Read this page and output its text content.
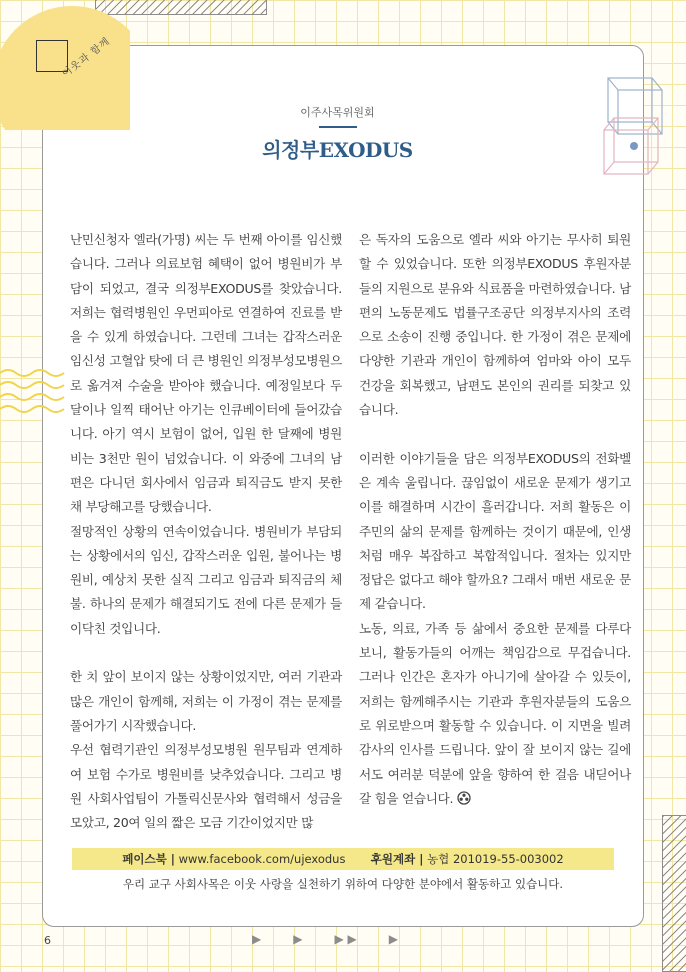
이웃과 함께
이주사목위원회
의정부EXODUS

난민신청자 엘라(가명) 씨는 두 번째 아이를 임신했습니다. 그러나 의료보험 혜택이 없어 병원비가 부담이 되었고, 결국 의정부EXODUS를 찾았습니다. 저희는 협력병원인 우먼피아로 연결하여 진료를 받을 수 있게 하였습니다. 그런데 그녀는 갑작스러운 임신성 고혈압 탓에 더 큰 병원인 의정부성모병원으로 옮겨져 수술을 받아야 했습니다. 예정일보다 두 달이나 일찍 태어난 아기는 인큐베이터에 들어갔습니다. 아기 역시 보험이 없어, 입원 한 달째에 병원비는 3천만 원이 넘었습니다. 이 와중에 그녀의 남편은 다니던 회사에서 임금과 퇴직금도 받지 못한 채 부당해고를 당했습니다.

절망적인 상황의 연속이었습니다. 병원비가 부담되는 상황에서의 임신, 갑작스러운 입원, 불어나는 병원비, 예상치 못한 실직 그리고 임금과 퇴직금의 체불. 하나의 문제가 해결되기도 전에 다른 문제가 들이닥친 것입니다.

한 치 앞이 보이지 않는 상황이었지만, 여러 기관과 많은 개인이 함께해, 저희는 이 가정이 겪는 문제를 풀어가기 시작했습니다.

우선 협력기관인 의정부성모병원 원무팀과 연계하여 보험 수가로 병원비를 낮추었습니다. 그리고 병원 사회사업팀이 가톨릭신문사와 협력해서 성금을 모았고, 20여 일의 짧은 모금 기간이었지만 많

은 독자의 도움으로 엘라 씨와 아기는 무사히 퇴원할 수 있었습니다. 또한 의정부EXODUS 후원자분들의 지원으로 분유와 식료품을 마련하였습니다. 남편의 노동문제도 법률구조공단 의정부지사의 조력으로 소송이 진행 중입니다. 한 가정이 겪은 문제에 다양한 기관과 개인이 함께하여 엄마와 아이 모두 건강을 회복했고, 남편도 본인의 권리를 되찾고 있습니다.

이러한 이야기들을 담은 의정부EXODUS의 전화벨은 계속 울립니다. 끊임없이 새로운 문제가 생기고 이를 해결하며 시간이 흘러갑니다. 저희 활동은 이주민의 삶의 문제를 함께하는 것이기 때문에, 인생처럼 매우 복잡하고 복합적입니다. 절차는 있지만 정답은 없다고 해야 할까요? 그래서 매번 새로운 문제 같습니다.

노동, 의료, 가족 등 삶에서 중요한 문제를 다루다 보니, 활동가들의 어깨는 책임감으로 무겁습니다. 그러나 인간은 혼자가 아니기에 살아갈 수 있듯이, 저희는 함께해주시는 기관과 후원자분들의 도움으로 위로받으며 활동할 수 있습니다. 이 지면을 빌려 감사의 인사를 드립니다. 앞이 잘 보이지 않는 길에서도 여러분 덕분에 앞을 향하여 한 걸음 내딛어나갈 힘을 얻습니다.

페이스북 | www.facebook.com/ujexodus 후원계좌 | 농협 201019-55-003002
우리 교구 사회사목은 이웃 사랑을 실천하기 위하여 다양한 분야에서 활동하고 있습니다.
6	▶	▶	▶ ▶	▶
